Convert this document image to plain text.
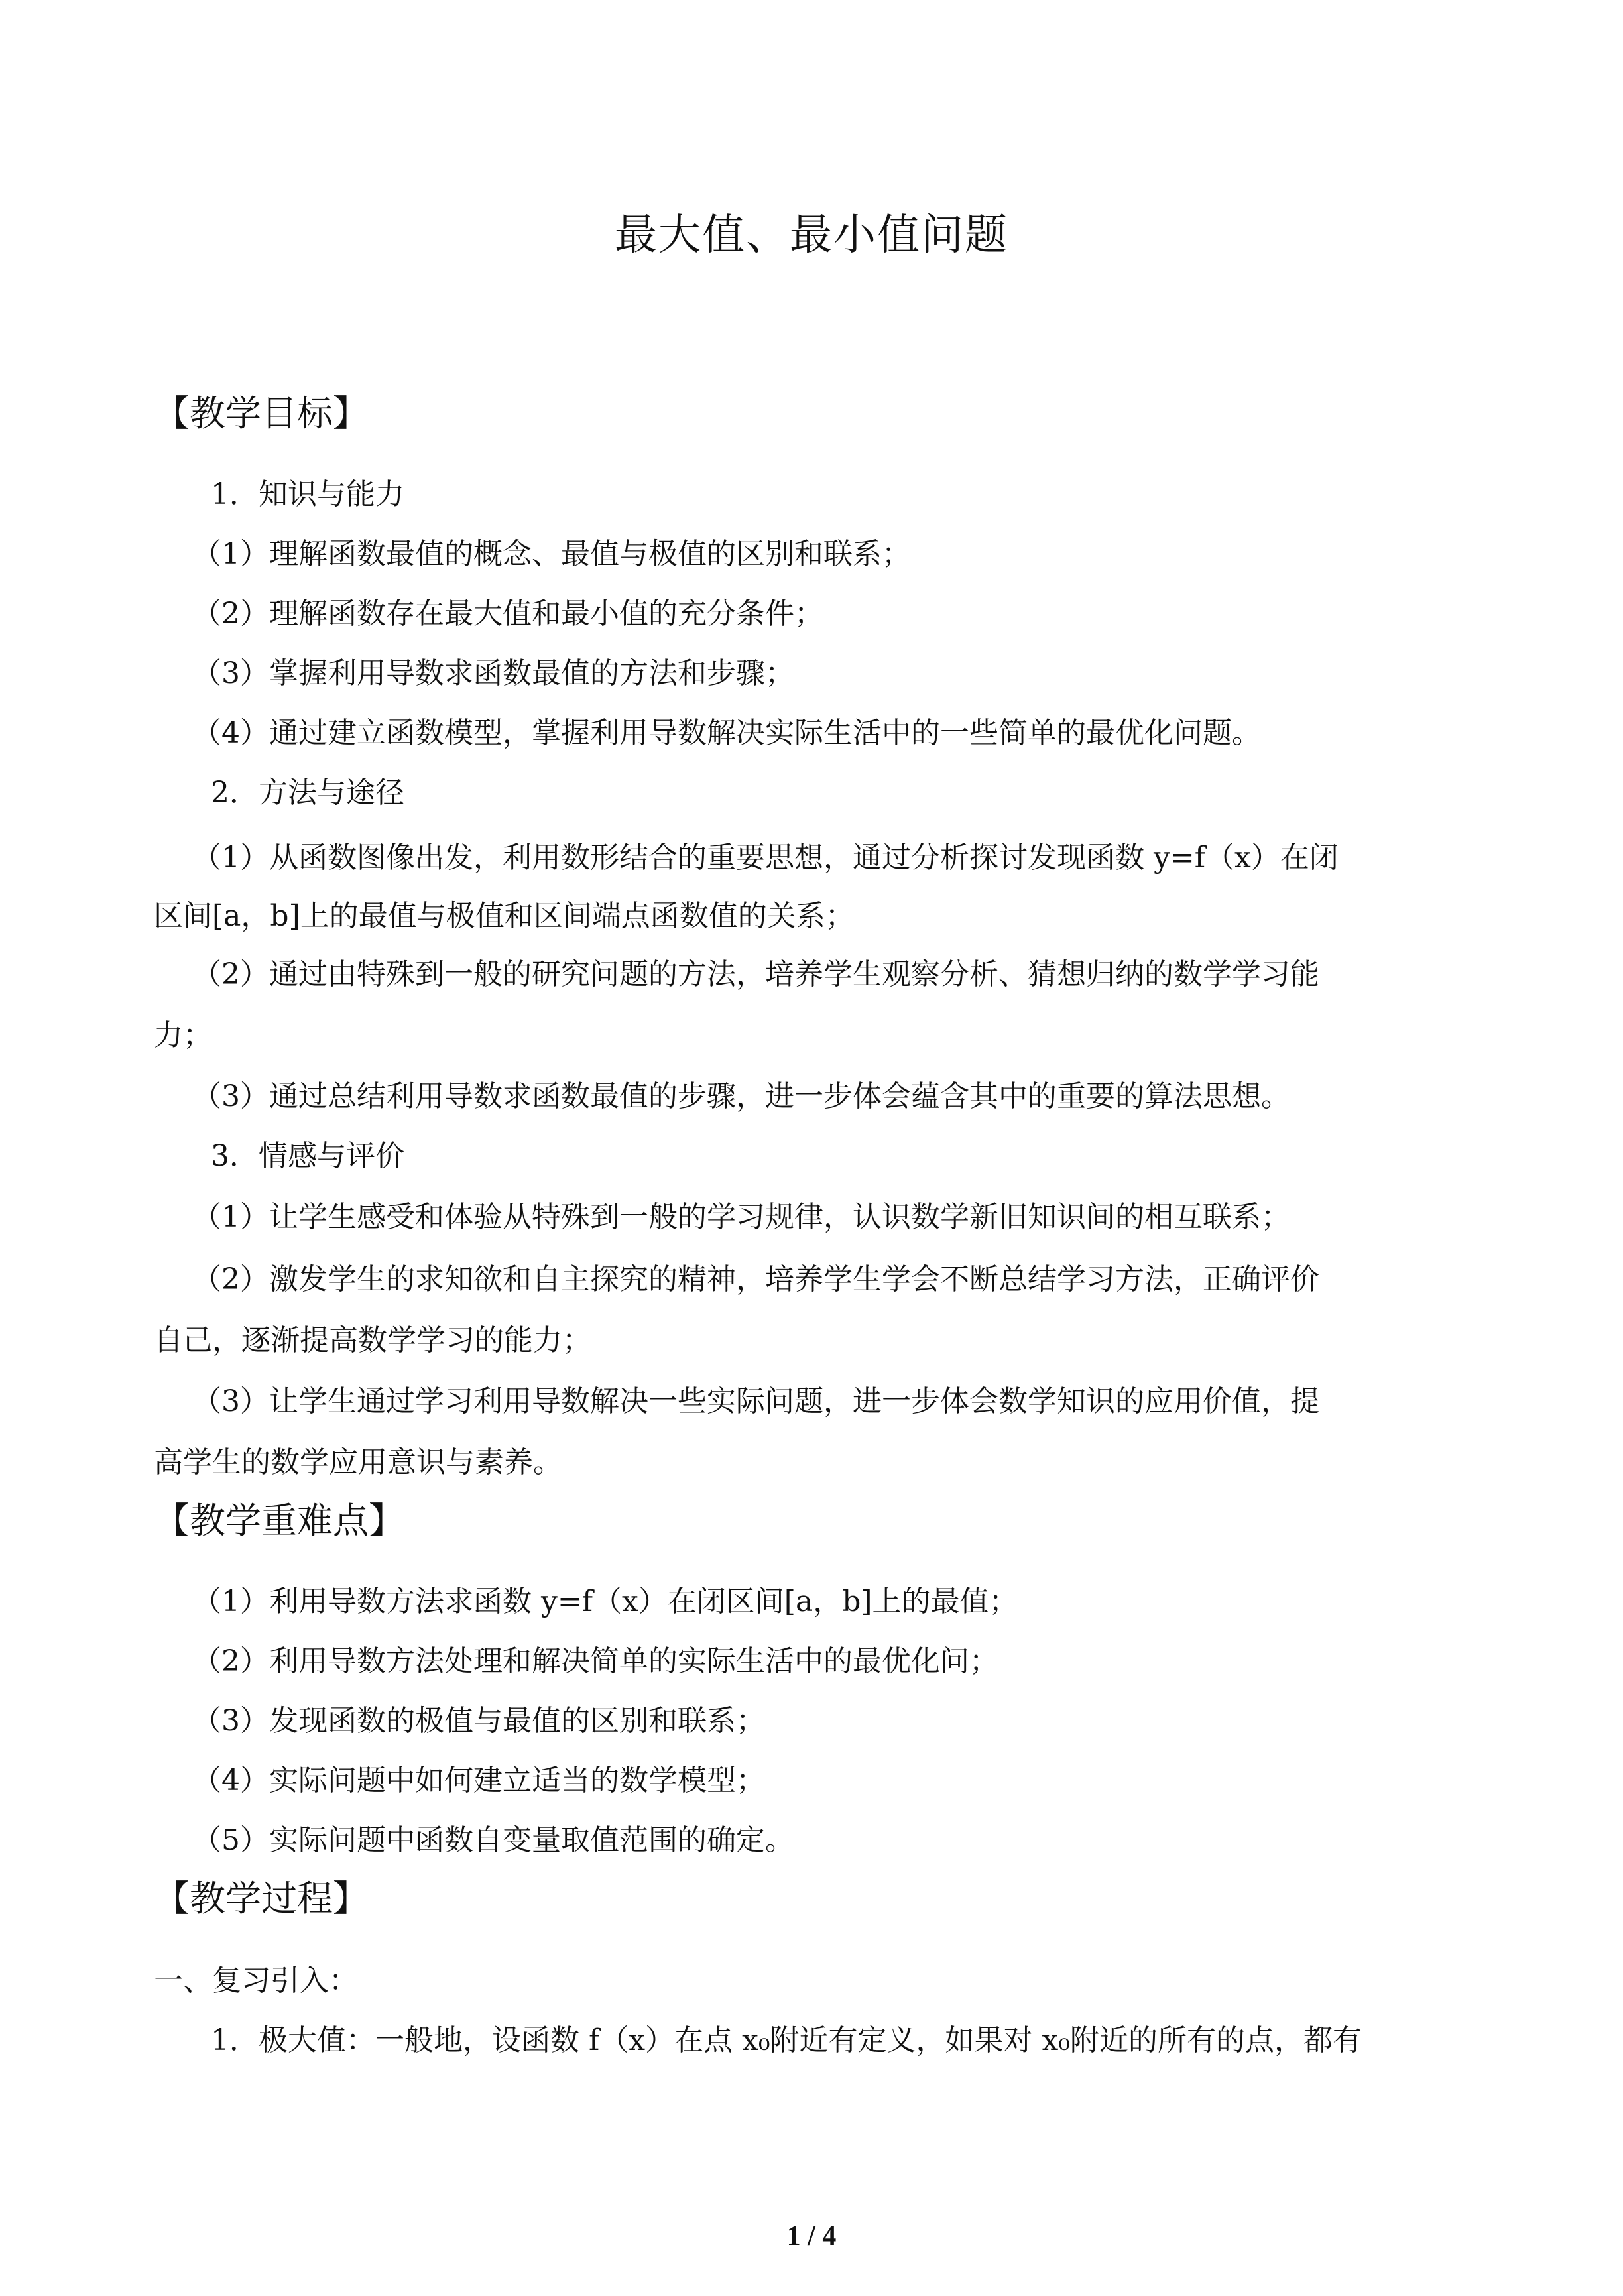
最大值、最小值问题
【教学目标】
1．知识与能力
（1）理解函数最值的概念、最值与极值的区别和联系；
（2）理解函数存在最大值和最小值的充分条件；
（3）掌握利用导数求函数最值的方法和步骤；
（4）通过建立函数模型，掌握利用导数解决实际生活中的一些简单的最优化问题。
2．方法与途径
（1）从函数图像出发，利用数形结合的重要思想，通过分析探讨发现函数 y=f（x）在闭
区间[a，b]上的最值与极值和区间端点函数值的关系；
（2）通过由特殊到一般的研究问题的方法，培养学生观察分析、猜想归纳的数学学习能
力；
（3）通过总结利用导数求函数最值的步骤，进一步体会蕴含其中的重要的算法思想。
3．情感与评价
（1）让学生感受和体验从特殊到一般的学习规律，认识数学新旧知识间的相互联系；
（2）激发学生的求知欲和自主探究的精神，培养学生学会不断总结学习方法，正确评价
自己，逐渐提高数学学习的能力；
（3）让学生通过学习利用导数解决一些实际问题，进一步体会数学知识的应用价值，提
高学生的数学应用意识与素养。
【教学重难点】
（1）利用导数方法求函数 y=f（x）在闭区间[a，b]上的最值；
（2）利用导数方法处理和解决简单的实际生活中的最优化问；
（3）发现函数的极值与最值的区别和联系；
（4）实际问题中如何建立适当的数学模型；
（5）实际问题中函数自变量取值范围的确定。
【教学过程】
一、复习引入：
1．极大值：一般地，设函数 f（x）在点 x₀附近有定义，如果对 x₀附近的所有的点，都有
1 / 4
